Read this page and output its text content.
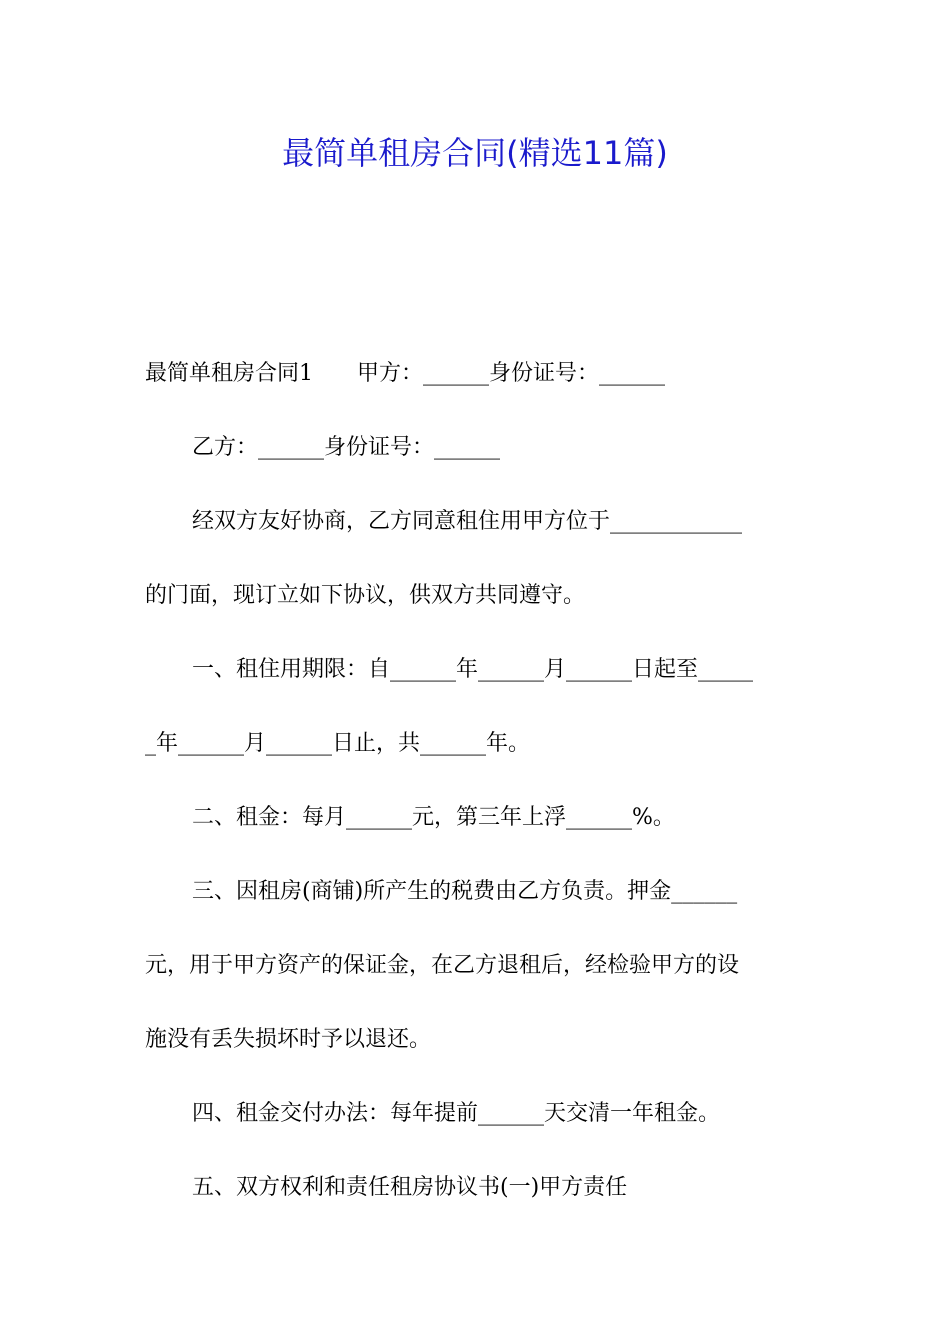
最简单租房合同(精选11篇)

最简单租房合同1 甲方：______身份证号：______

乙方：______身份证号：______

经双方友好协商，乙方同意租住用甲方位于____________

的门面，现订立如下协议，供双方共同遵守。

一、租住用期限：自______年______月______日起至_____

_年______月______日止，共______年。

二、租金：每月______元，第三年上浮______%。

三、因租房(商铺)所产生的税费由乙方负责。押金______

元，用于甲方资产的保证金，在乙方退租后，经检验甲方的设

施没有丢失损坏时予以退还。

四、租金交付办法：每年提前______天交清一年租金。

五、双方权利和责任租房协议书(一)甲方责任
